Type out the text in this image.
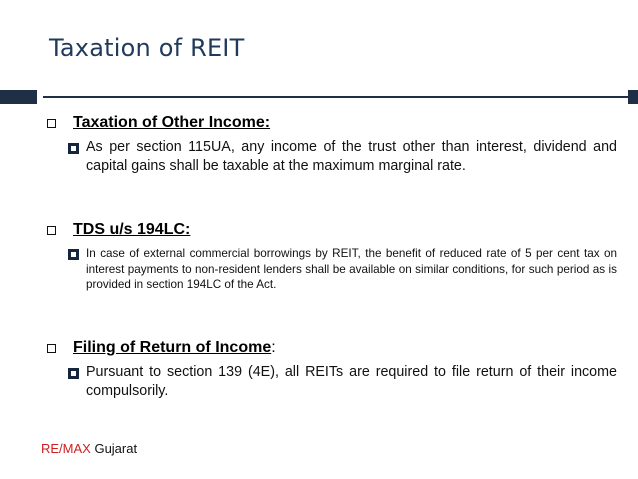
Taxation of REIT
Taxation of Other Income:
As per section 115UA, any income of the trust other than interest, dividend and capital gains shall be taxable at the maximum marginal rate.
TDS u/s 194LC:
In case of external commercial borrowings by REIT, the benefit of reduced rate of 5 per cent tax on interest payments to non-resident lenders shall be available on similar conditions, for such period as is provided in section 194LC of the Act.
Filing of Return of Income:
Pursuant to section 139 (4E), all REITs are required to file return of their income compulsorily.
RE/MAX Gujarat
